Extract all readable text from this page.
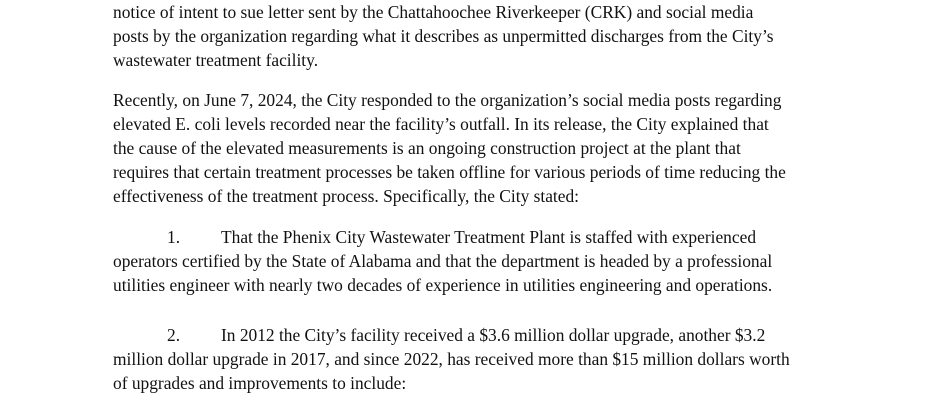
notice of intent to sue letter sent by the Chattahoochee Riverkeeper (CRK) and social media
posts by the organization regarding what it describes as unpermitted discharges from the City’s
wastewater treatment facility.
Recently, on June 7, 2024, the City responded to the organization’s social media posts regarding
elevated E. coli levels recorded near the facility’s outfall. In its release, the City explained that
the cause of the elevated measurements is an ongoing construction project at the plant that
requires that certain treatment processes be taken offline for various periods of time reducing the
effectiveness of the treatment process. Specifically, the City stated:
1. That the Phenix City Wastewater Treatment Plant is staffed with experienced
operators certified by the State of Alabama and that the department is headed by a professional
utilities engineer with nearly two decades of experience in utilities engineering and operations.
2. In 2012 the City’s facility received a $3.6 million dollar upgrade, another $3.2
million dollar upgrade in 2017, and since 2022, has received more than $15 million dollars worth
of upgrades and improvements to include:
